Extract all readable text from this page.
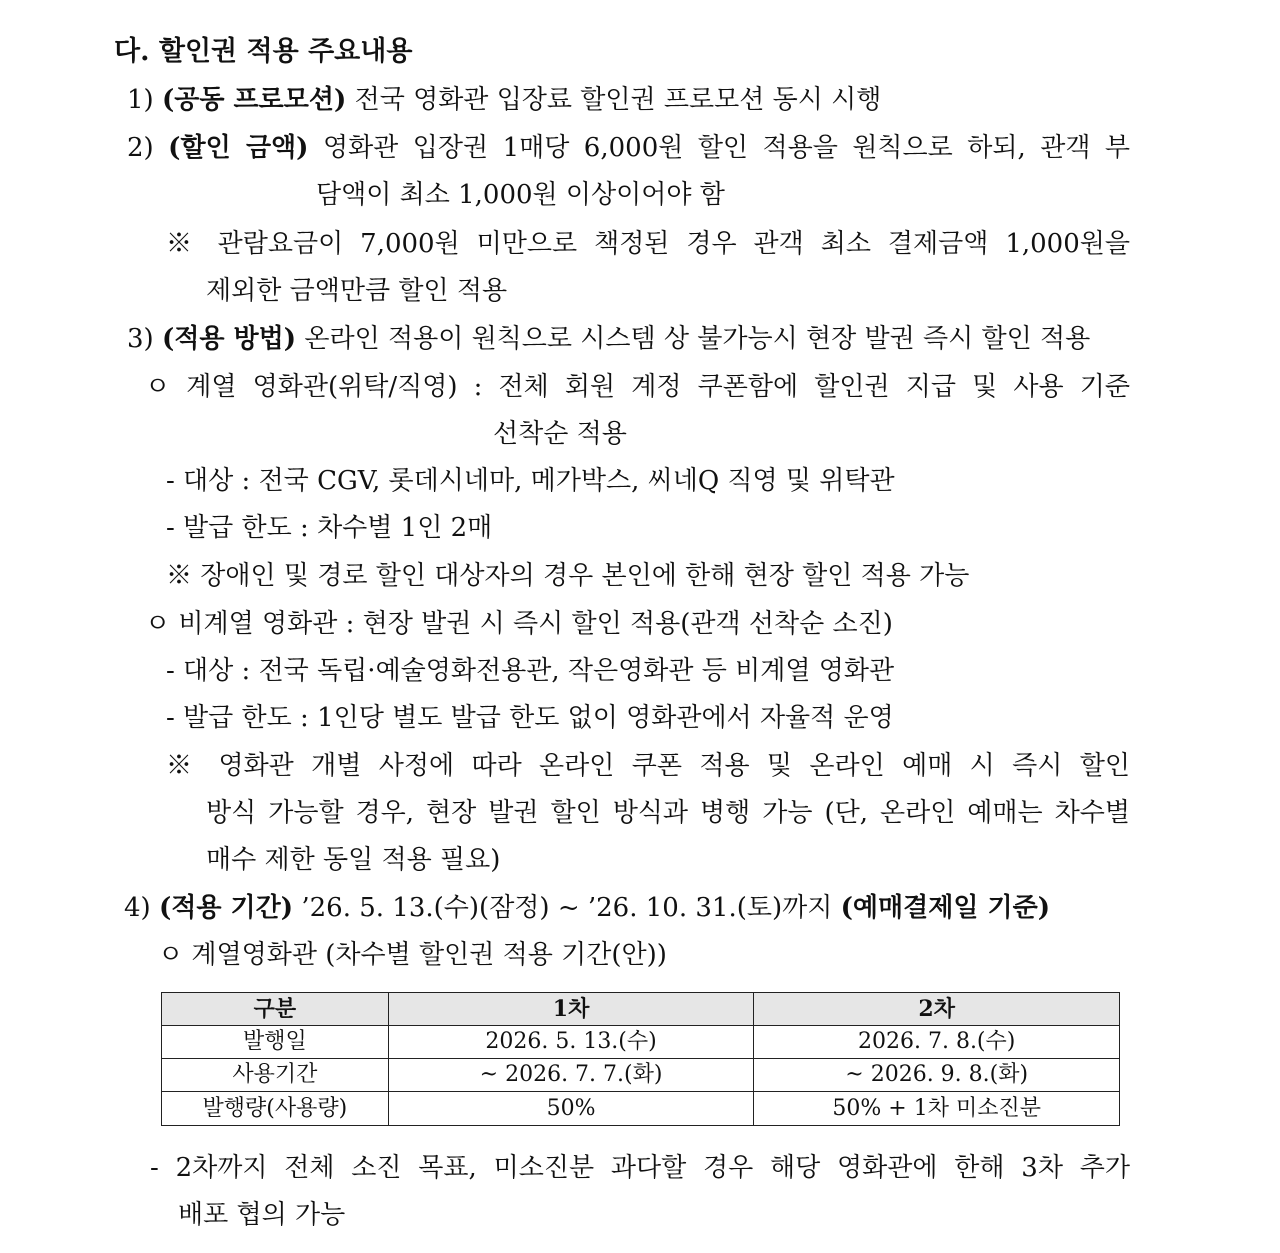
다. 할인권 적용 주요내용
1) (공동 프로모션) 전국 영화관 입장료 할인권 프로모션 동시 시행
2) (할인 금액) 영화관 입장권 1매당 6,000원 할인 적용을 원칙으로 하되, 관객 부
담액이 최소 1,000원 이상이어야 함
※ 관람요금이 7,000원 미만으로 책정된 경우 관객 최소 결제금액 1,000원을
제외한 금액만큼 할인 적용
3) (적용 방법) 온라인 적용이 원칙으로 시스템 상 불가능시 현장 발권 즉시 할인 적용
ㅇ 계열 영화관(위탁/직영) : 전체 회원 계정 쿠폰함에 할인권 지급 및 사용 기준
선착순 적용
- 대상 : 전국 CGV, 롯데시네마, 메가박스, 씨네Q 직영 및 위탁관
- 발급 한도 : 차수별 1인 2매
※ 장애인 및 경로 할인 대상자의 경우 본인에 한해 현장 할인 적용 가능
ㅇ 비계열 영화관 : 현장 발권 시 즉시 할인 적용(관객 선착순 소진)
- 대상 : 전국 독립·예술영화전용관, 작은영화관 등 비계열 영화관
- 발급 한도 : 1인당 별도 발급 한도 없이 영화관에서 자율적 운영
※ 영화관 개별 사정에 따라 온라인 쿠폰 적용 및 온라인 예매 시 즉시 할인
방식 가능할 경우, 현장 발권 할인 방식과 병행 가능 (단, 온라인 예매는 차수별
매수 제한 동일 적용 필요)
4) (적용 기간) ’26. 5. 13.(수)(잠정) ~ ’26. 10. 31.(토)까지 (예매결제일 기준)
ㅇ 계열영화관 (차수별 할인권 적용 기간(안))
구분	1차	2차
발행일	2026. 5. 13.(수)	2026. 7. 8.(수)
사용기간	~ 2026. 7. 7.(화)	~ 2026. 9. 8.(화)
발행량(사용량)	50%	50% + 1차 미소진분
- 2차까지 전체 소진 목표, 미소진분 과다할 경우 해당 영화관에 한해 3차 추가
배포 협의 가능
